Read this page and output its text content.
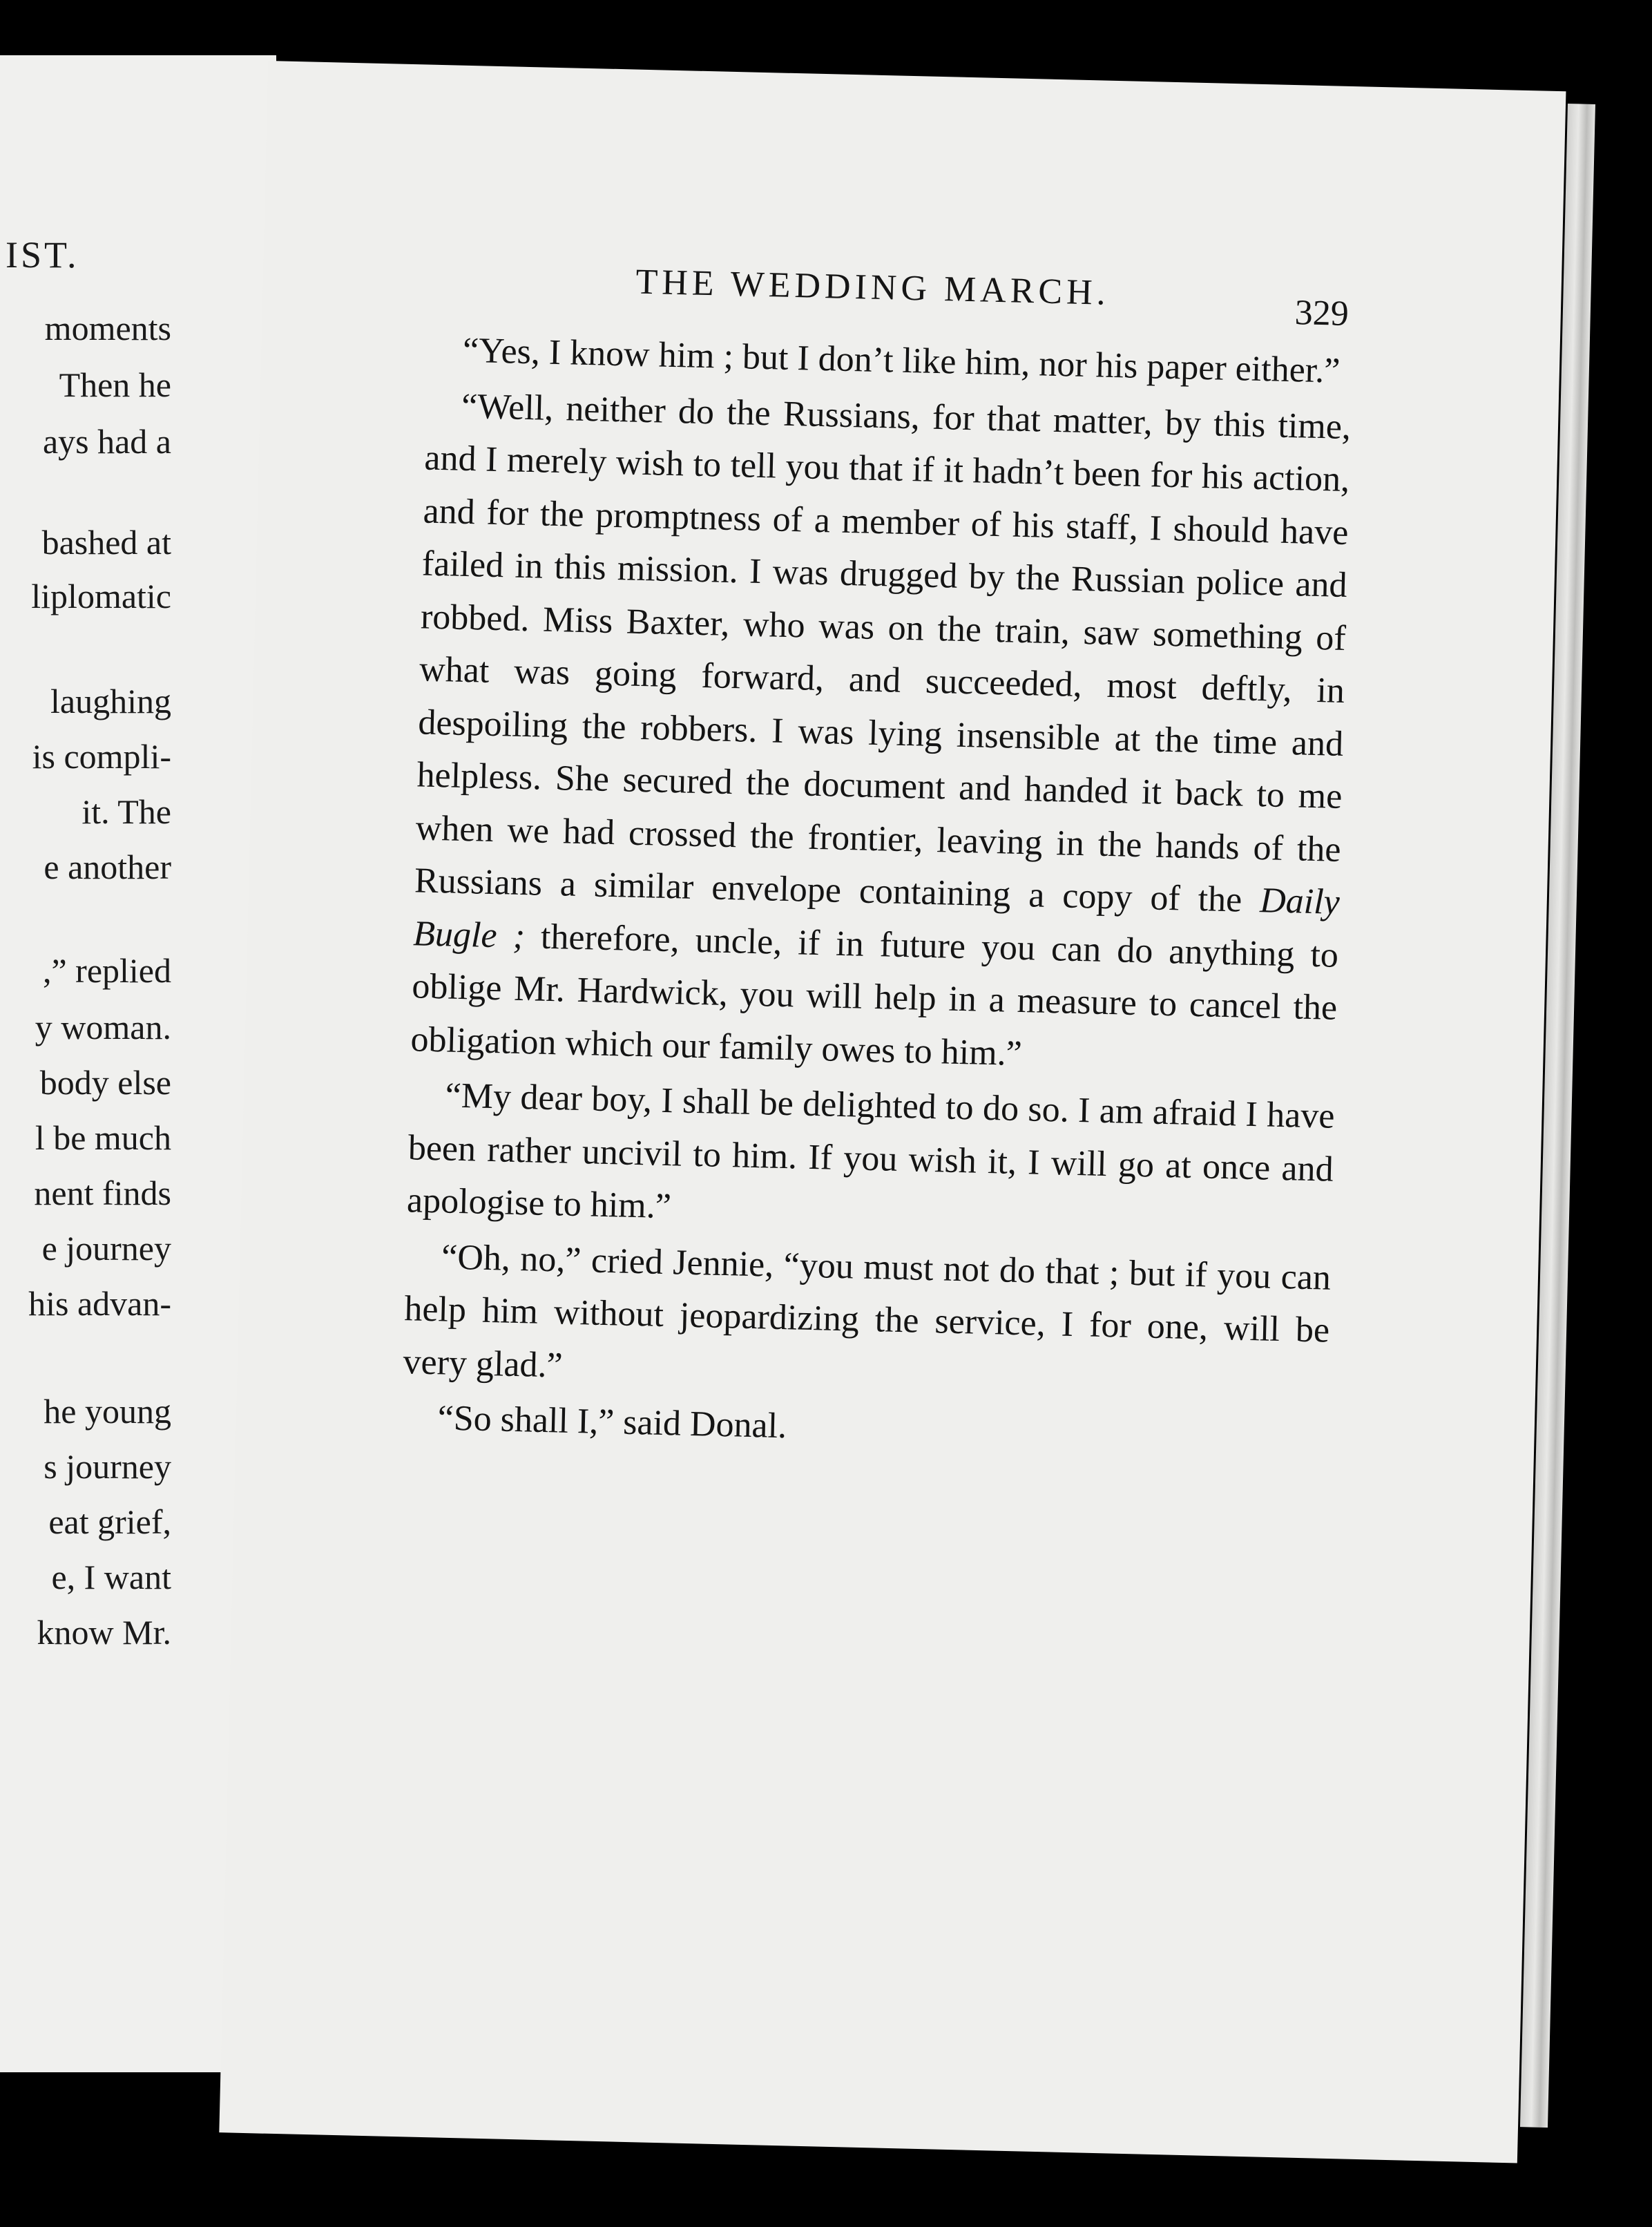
IST.
moments
Then he
ays had a
bashed at
liplomatic
laughing
is compli-
it. The
e another
,” replied
y woman.
body else
l be much
nent finds
e journey
his advan-
he young
s journey
eat grief,
e, I want
know Mr.
THE WEDDING MARCH.
329

“Yes, I know him ; but I don’t like him, nor his paper either.”

“Well, neither do the Russians, for that matter, by this time, and I merely wish to tell you that if it hadn’t been for his action, and for the promptness of a member of his staff, I should have failed in this mission. I was drugged by the Russian police and robbed. Miss Baxter, who was on the train, saw something of what was going forward, and succeeded, most deftly, in despoiling the robbers. I was lying insensible at the time and helpless. She secured the document and handed it back to me when we had crossed the frontier, leaving in the hands of the Russians a similar envelope containing a copy of the Daily Bugle ; therefore, uncle, if in future you can do anything to oblige Mr. Hardwick, you will help in a measure to cancel the obligation which our family owes to him.”

“My dear boy, I shall be delighted to do so. I am afraid I have been rather uncivil to him. If you wish it, I will go at once and apologise to him.”

“Oh, no,” cried Jennie, “you must not do that ; but if you can help him without jeopardizing the service, I for one, will be very glad.”

“So shall I,” said Donal.
